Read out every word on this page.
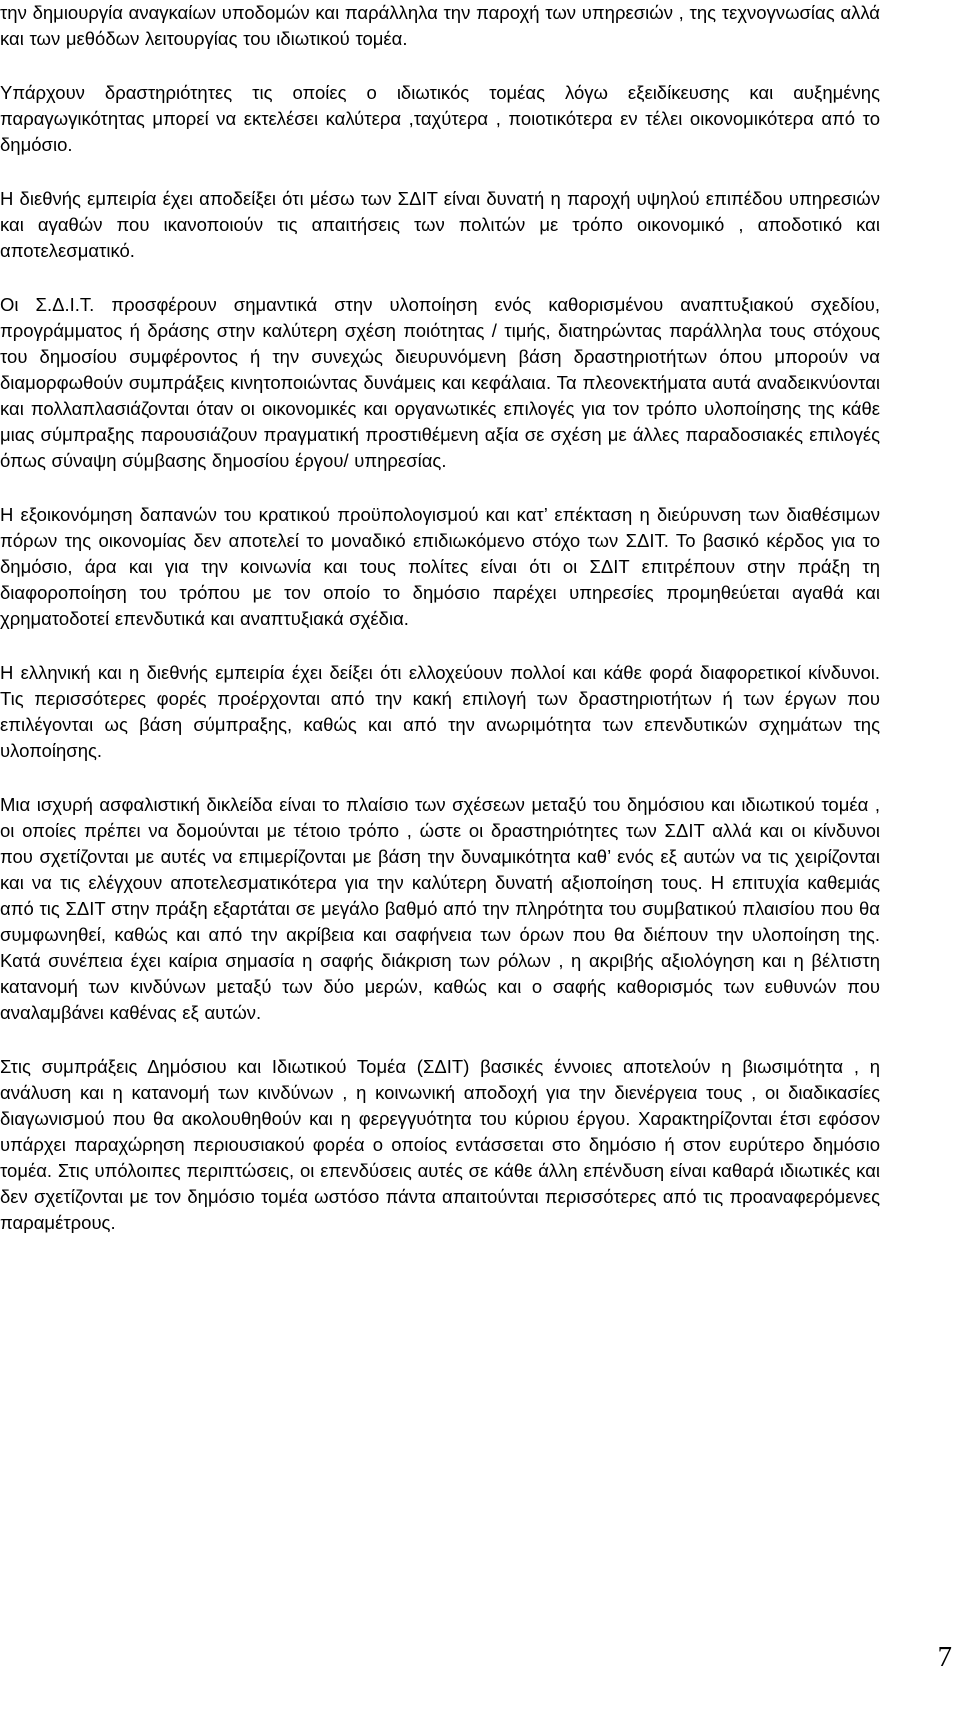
την δημιουργία αναγκαίων υποδομών και παράλληλα την παροχή των υπηρεσιών , της τεχνογνωσίας αλλά και των μεθόδων λειτουργίας του ιδιωτικού τομέα.

Υπάρχουν δραστηριότητες τις οποίες ο ιδιωτικός τομέας λόγω εξειδίκευσης και αυξημένης παραγωγικότητας μπορεί να εκτελέσει καλύτερα ,ταχύτερα , ποιοτικότερα εν τέλει οικονομικότερα από το δημόσιο.

Η διεθνής εμπειρία έχει αποδείξει ότι μέσω των ΣΔΙΤ είναι δυνατή η παροχή υψηλού επιπέδου υπηρεσιών και αγαθών που ικανοποιούν τις απαιτήσεις των πολιτών με τρόπο οικονομικό , αποδοτικό και αποτελεσματικό.

Οι Σ.Δ.Ι.Τ. προσφέρουν σημαντικά στην υλοποίηση ενός καθορισμένου αναπτυξιακού σχεδίου, προγράμματος ή δράσης στην καλύτερη σχέση ποιότητας / τιμής, διατηρώντας παράλληλα τους στόχους του δημοσίου συμφέροντος ή την συνεχώς διευρυνόμενη βάση δραστηριοτήτων όπου μπορούν να διαμορφωθούν συμπράξεις κινητοποιώντας δυνάμεις και κεφάλαια. Τα πλεονεκτήματα αυτά αναδεικνύονται και πολλαπλασιάζονται όταν οι οικονομικές και οργανωτικές επιλογές για τον τρόπο υλοποίησης της κάθε μιας σύμπραξης παρουσιάζουν πραγματική προστιθέμενη αξία σε σχέση με άλλες παραδοσιακές επιλογές όπως σύναψη σύμβασης δημοσίου έργου/ υπηρεσίας.

Η εξοικονόμηση δαπανών του κρατικού προϋπολογισμού και κατ’ επέκταση η διεύρυνση των διαθέσιμων πόρων της οικονομίας δεν αποτελεί το μοναδικό επιδιωκόμενο στόχο των ΣΔΙΤ. Το βασικό κέρδος για το δημόσιο, άρα και για την κοινωνία και τους πολίτες είναι ότι οι ΣΔΙΤ επιτρέπουν στην πράξη τη διαφοροποίηση του τρόπου με τον οποίο το δημόσιο παρέχει υπηρεσίες προμηθεύεται αγαθά και χρηματοδοτεί επενδυτικά και αναπτυξιακά σχέδια.

Η ελληνική και η διεθνής εμπειρία έχει δείξει ότι ελλοχεύουν πολλοί και κάθε φορά διαφορετικοί κίνδυνοι. Τις περισσότερες φορές προέρχονται από την κακή επιλογή των δραστηριοτήτων ή των έργων που επιλέγονται ως βάση σύμπραξης, καθώς και από την ανωριμότητα των επενδυτικών σχημάτων της υλοποίησης.

Μια ισχυρή ασφαλιστική δικλείδα είναι το πλαίσιο των σχέσεων μεταξύ του δημόσιου και ιδιωτικού τομέα , οι οποίες πρέπει να δομούνται με τέτοιο τρόπο , ώστε οι δραστηριότητες των ΣΔΙΤ αλλά και οι κίνδυνοι που σχετίζονται με αυτές να επιμερίζονται με βάση την δυναμικότητα καθ’ ενός εξ αυτών να τις χειρίζονται και να τις ελέγχουν αποτελεσματικότερα για την καλύτερη δυνατή αξιοποίηση τους. Η επιτυχία καθεμιάς από τις ΣΔΙΤ στην πράξη εξαρτάται σε μεγάλο βαθμό από την πληρότητα του συμβατικού πλαισίου που θα συμφωνηθεί, καθώς και από την ακρίβεια και σαφήνεια των όρων που θα διέπουν την υλοποίηση της. Κατά συνέπεια έχει καίρια σημασία η σαφής διάκριση των ρόλων , η ακριβής αξιολόγηση και η βέλτιστη κατανομή των κινδύνων μεταξύ των δύο μερών, καθώς και ο σαφής καθορισμός των ευθυνών που αναλαμβάνει καθένας εξ αυτών.

Στις συμπράξεις Δημόσιου και Ιδιωτικού Τομέα (ΣΔΙΤ) βασικές έννοιες αποτελούν η βιωσιμότητα , η ανάλυση και η κατανομή των κινδύνων , η κοινωνική αποδοχή για την διενέργεια τους , οι διαδικασίες διαγωνισμού που θα ακολουθηθούν και η φερεγγυότητα του κύριου έργου. Χαρακτηρίζονται έτσι εφόσον υπάρχει παραχώρηση περιουσιακού φορέα ο οποίος εντάσσεται στο δημόσιο ή στον ευρύτερο δημόσιο τομέα. Στις υπόλοιπες περιπτώσεις, οι επενδύσεις αυτές σε κάθε άλλη επένδυση είναι καθαρά ιδιωτικές και δεν σχετίζονται με τον δημόσιο τομέα ωστόσο πάντα απαιτούνται περισσότερες από τις προαναφερόμενες παραμέτρους.

7
